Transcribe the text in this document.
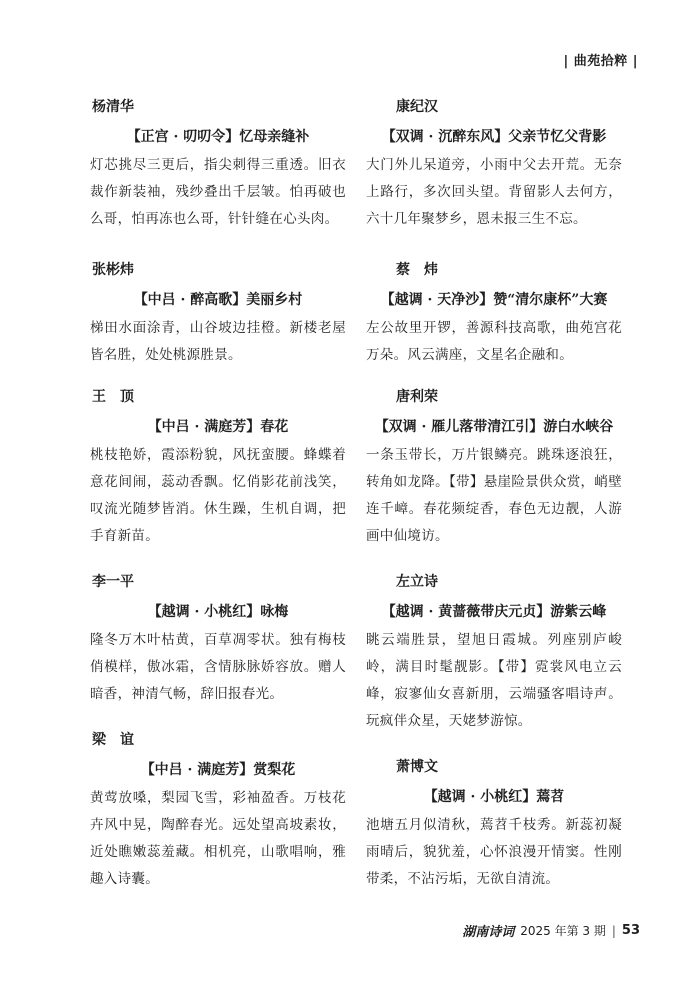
| 曲苑拾粹 |
杨清华
【正宫 · 叨叨令】忆母亲缝补
灯芯挑尽三更后，指尖刺得三重透。旧衣裁作新装袖，残纱叠出千层皱。怕再破也么哥，怕再冻也么哥，针针缝在心头肉。
张彬炜
【中吕 · 醉高歌】美丽乡村
梯田水面涂青，山谷坡边挂橙。新楼老屋皆名胜，处处桃源胜景。
王　顶
【中吕 · 满庭芳】春花
桃枝艳娇，霞添粉貌，风抚蛮腰。蜂蝶着意花间闹，蕊动香飘。忆俏影花前浅笑，叹流光随梦皆消。休生躁，生机自调，把手育新苗。
李一平
【越调 · 小桃红】咏梅
隆冬万木叶枯黄，百草凋零状。独有梅枝俏模样，傲冰霜，含情脉脉娇容放。赠人暗香，神清气畅，辞旧报春光。
梁　谊
【中吕 · 满庭芳】赏梨花
黄莺放嗓，梨园飞雪，彩袖盈香。万枝花卉风中晃，陶醉春光。远处望高坡素妆，近处瞧嫩蕊羞藏。相机亮，山歌唱响，雅趣入诗囊。
康纪汉
【双调 · 沉醉东风】父亲节忆父背影
大门外儿呆道旁，小雨中父去开荒。无奈上路行，多次回头望。背留影人去何方，六十几年聚梦乡，恩未报三生不忘。
蔡　炜
【越调 · 天净沙】赞“清尔康杯”大赛
左公故里开锣，善源科技高歌，曲苑宫花万朵。风云满座，文星名企融和。
唐利荣
【双调 · 雁儿落带清江引】游白水峡谷
一条玉带长，万片银鳞亮。跳珠逐浪狂，转角如龙降。【带】悬崖险景供众赏，峭壁连千嶂。春花频绽香，春色无边靓，人游画中仙境访。
左立诗
【越调 · 黄蔷薇带庆元贞】游紫云峰
眺云端胜景，望旭日霞城。列座别庐峻岭，满目时髦靓影。【带】霓裳风电立云峰，寂寥仙女喜新朋，云端骚客唱诗声。玩疯伴众星，天姥梦游惊。
萧博文
【越调 · 小桃红】蔫苕
池塘五月似清秋，蔫苕千枝秀。新蕊初凝雨晴后，貌犹羞，心怀浪漫开情窦。性刚带柔，不沾污垢，无欲自清流。
湖南诗词 2025 年第 3 期 | 53
